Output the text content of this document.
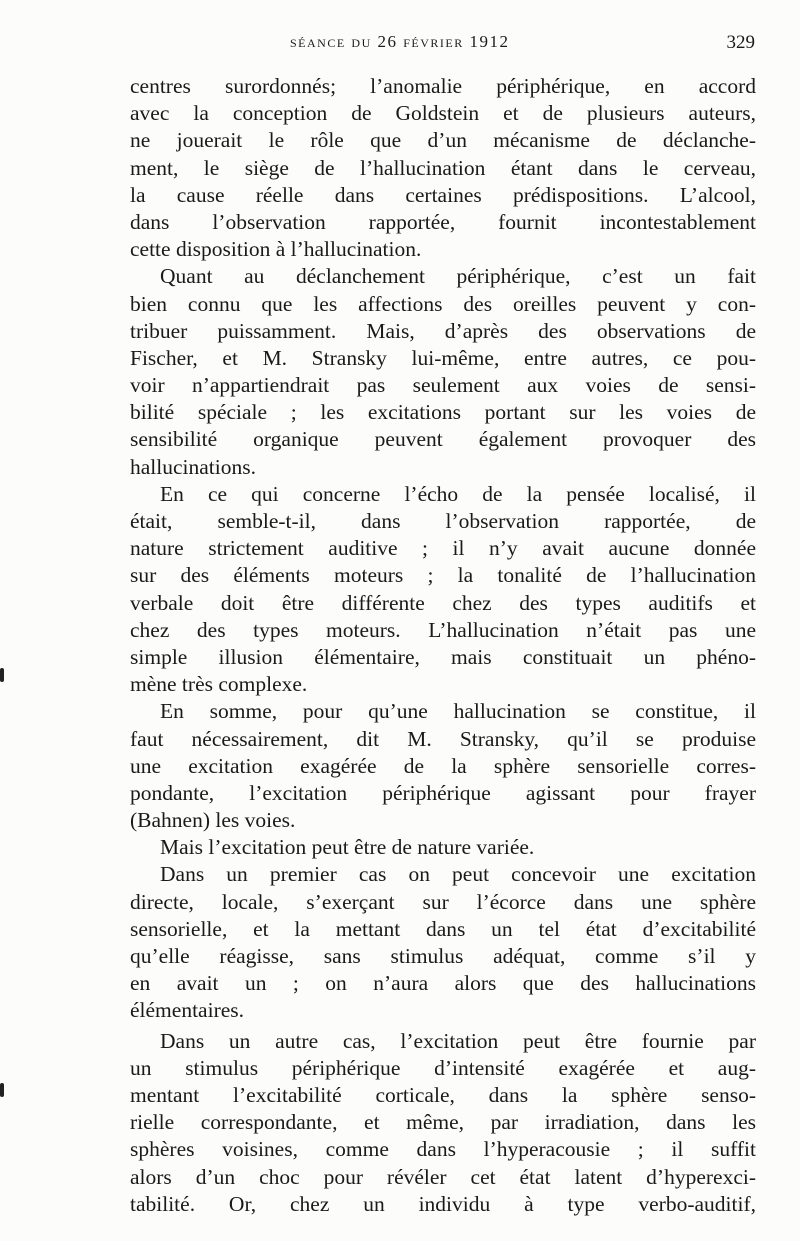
séance du 26 février 1912	329
centres surordonnés; l’anomalie périphérique, en accord
avec la conception de Goldstein et de plusieurs auteurs,
ne jouerait le rôle que d’un mécanisme de déclanche-
ment, le siège de l’hallucination étant dans le cerveau,
la cause réelle dans certaines prédispositions. L’alcool,
dans l’observation rapportée, fournit incontestablement
cette disposition à l’hallucination.
Quant au déclanchement périphérique, c’est un fait
bien connu que les affections des oreilles peuvent y con-
tribuer puissamment. Mais, d’après des observations de
Fischer, et M. Stransky lui-même, entre autres, ce pou-
voir n’appartiendrait pas seulement aux voies de sensi-
bilité spéciale ; les excitations portant sur les voies de
sensibilité organique peuvent également provoquer des
hallucinations.
En ce qui concerne l’écho de la pensée localisé, il
était, semble-t-il, dans l’observation rapportée, de
nature strictement auditive ; il n’y avait aucune donnée
sur des éléments moteurs ; la tonalité de l’hallucination
verbale doit être différente chez des types auditifs et
chez des types moteurs. L’hallucination n’était pas une
simple illusion élémentaire, mais constituait un phéno-
mène très complexe.
En somme, pour qu’une hallucination se constitue, il
faut nécessairement, dit M. Stransky, qu’il se produise
une excitation exagérée de la sphère sensorielle corres-
pondante, l’excitation périphérique agissant pour frayer
(Bahnen) les voies.
Mais l’excitation peut être de nature variée.
Dans un premier cas on peut concevoir une excitation
directe, locale, s’exerçant sur l’écorce dans une sphère
sensorielle, et la mettant dans un tel état d’excitabilité
qu’elle réagisse, sans stimulus adéquat, comme s’il y
en avait un ; on n’aura alors que des hallucinations
élémentaires.
Dans un autre cas, l’excitation peut être fournie par
un stimulus périphérique d’intensité exagérée et aug-
mentant l’excitabilité corticale, dans la sphère senso-
rielle correspondante, et même, par irradiation, dans les
sphères voisines, comme dans l’hyperacousie ; il suffit
alors d’un choc pour révéler cet état latent d’hyperexci-
tabilité. Or, chez un individu à type verbo-auditif,
